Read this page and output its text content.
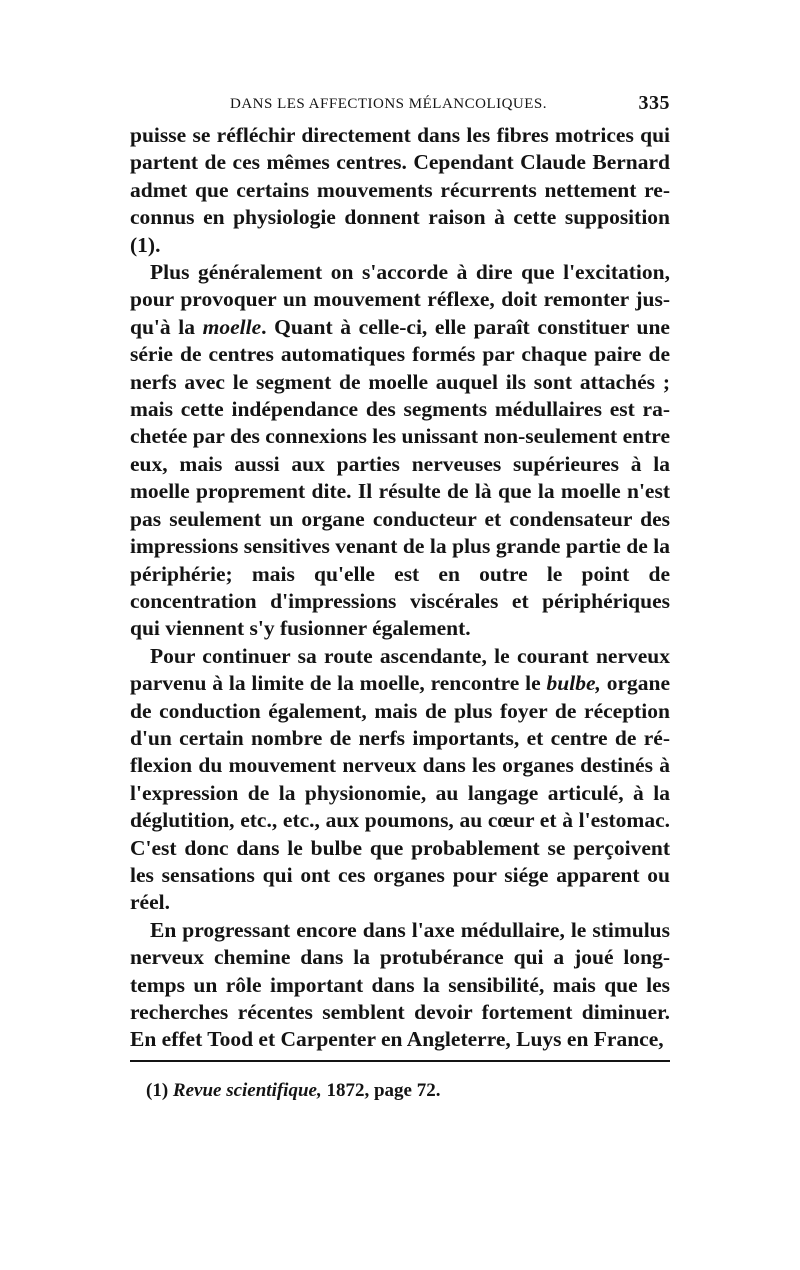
DANS LES AFFECTIONS MÉLANCOLIQUES.	335

puisse se réfléchir directement dans les fibres motrices qui partent de ces mêmes centres. Cependant Claude Bernard admet que certains mouvements récurrents nettement reconnus en physiologie donnent raison à cette supposition (1).

Plus généralement on s'accorde à dire que l'excitation, pour provoquer un mouvement réflexe, doit remonter jusqu'à la moelle. Quant à celle-ci, elle paraît constituer une série de centres automatiques formés par chaque paire de nerfs avec le segment de moelle auquel ils sont attachés ; mais cette indépendance des segments médullaires est rachetée par des connexions les unissant non-seulement entre eux, mais aussi aux parties nerveuses supérieures à la moelle proprement dite. Il résulte de là que la moelle n'est pas seulement un organe conducteur et condensateur des impressions sensitives venant de la plus grande partie de la périphérie; mais qu'elle est en outre le point de concentration d'impressions viscérales et périphériques qui viennent s'y fusionner également.

Pour continuer sa route ascendante, le courant nerveux parvenu à la limite de la moelle, rencontre le bulbe, organe de conduction également, mais de plus foyer de réception d'un certain nombre de nerfs importants, et centre de réflexion du mouvement nerveux dans les organes destinés à l'expression de la physionomie, au langage articulé, à la déglutition, etc., etc., aux poumons, au cœur et à l'estomac. C'est donc dans le bulbe que probablement se perçoivent les sensations qui ont ces organes pour siége apparent ou réel.

En progressant encore dans l'axe médullaire, le stimulus nerveux chemine dans la protubérance qui a joué longtemps un rôle important dans la sensibilité, mais que les recherches récentes semblent devoir fortement diminuer. En effet Tood et Carpenter en Angleterre, Luys en France,

(1) Revue scientifique, 1872, page 72.
